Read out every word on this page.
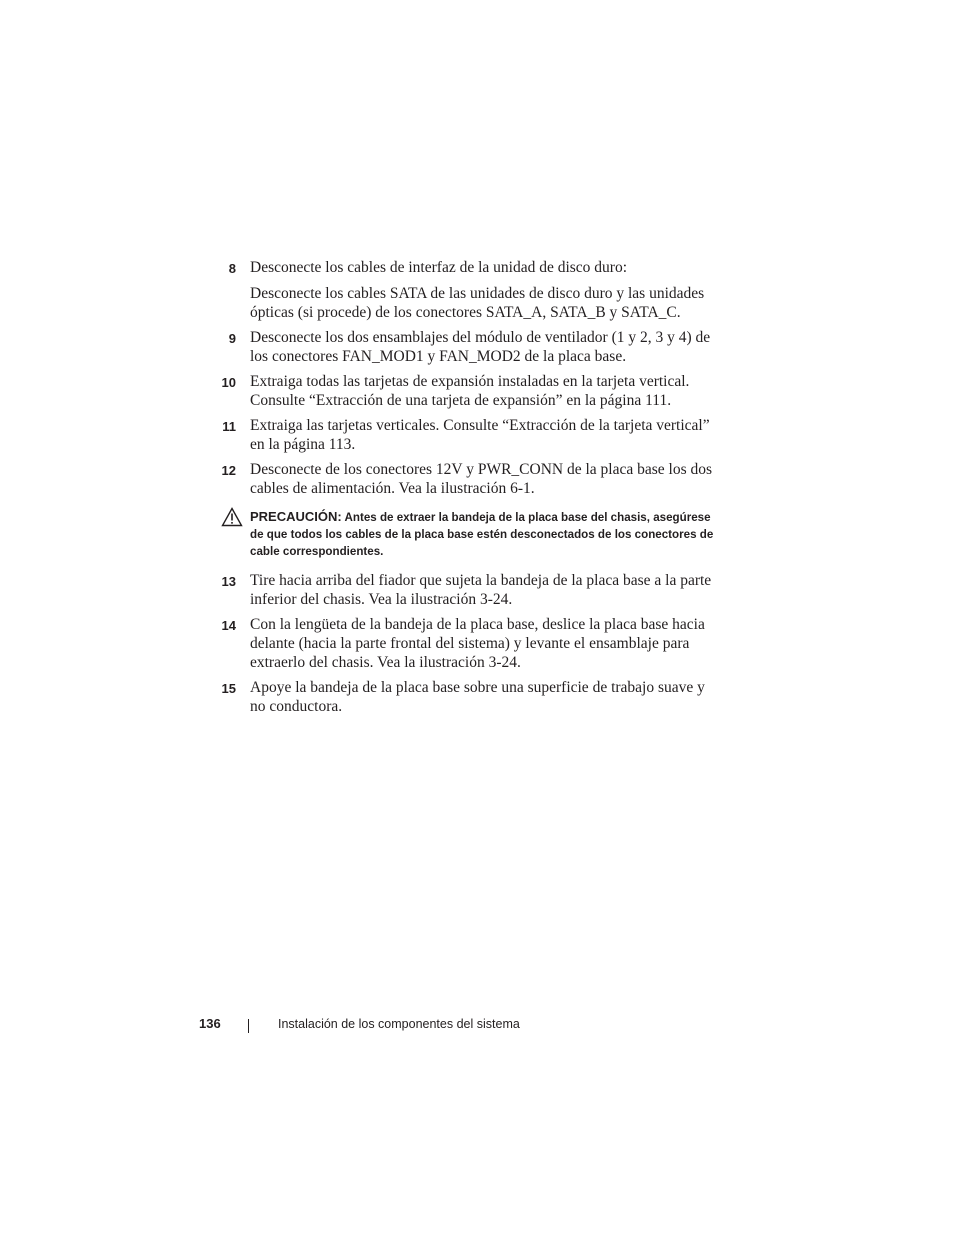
8 Desconecte los cables de interfaz de la unidad de disco duro:

Desconecte los cables SATA de las unidades de disco duro y las unidades ópticas (si procede) de los conectores SATA_A, SATA_B y SATA_C.

9 Desconecte los dos ensamblajes del módulo de ventilador (1 y 2, 3 y 4) de los conectores FAN_MOD1 y FAN_MOD2 de la placa base.

10 Extraiga todas las tarjetas de expansión instaladas en la tarjeta vertical. Consulte “Extracción de una tarjeta de expansión” en la página 111.

11 Extraiga las tarjetas verticales. Consulte “Extracción de la tarjeta vertical” en la página 113.

12 Desconecte de los conectores 12V y PWR_CONN de la placa base los dos cables de alimentación. Vea la ilustración 6-1.

PRECAUCIÓN: Antes de extraer la bandeja de la placa base del chasis, asegúrese de que todos los cables de la placa base estén desconectados de los conectores de cable correspondientes.
13 Tire hacia arriba del fiador que sujeta la bandeja de la placa base a la parte inferior del chasis. Vea la ilustración 3-24.

14 Con la lengüeta de la bandeja de la placa base, deslice la placa base hacia delante (hacia la parte frontal del sistema) y levante el ensamblaje para extraerlo del chasis. Vea la ilustración 3-24.

15 Apoye la bandeja de la placa base sobre una superficie de trabajo suave y no conductora.

136	Instalación de los componentes del sistema
